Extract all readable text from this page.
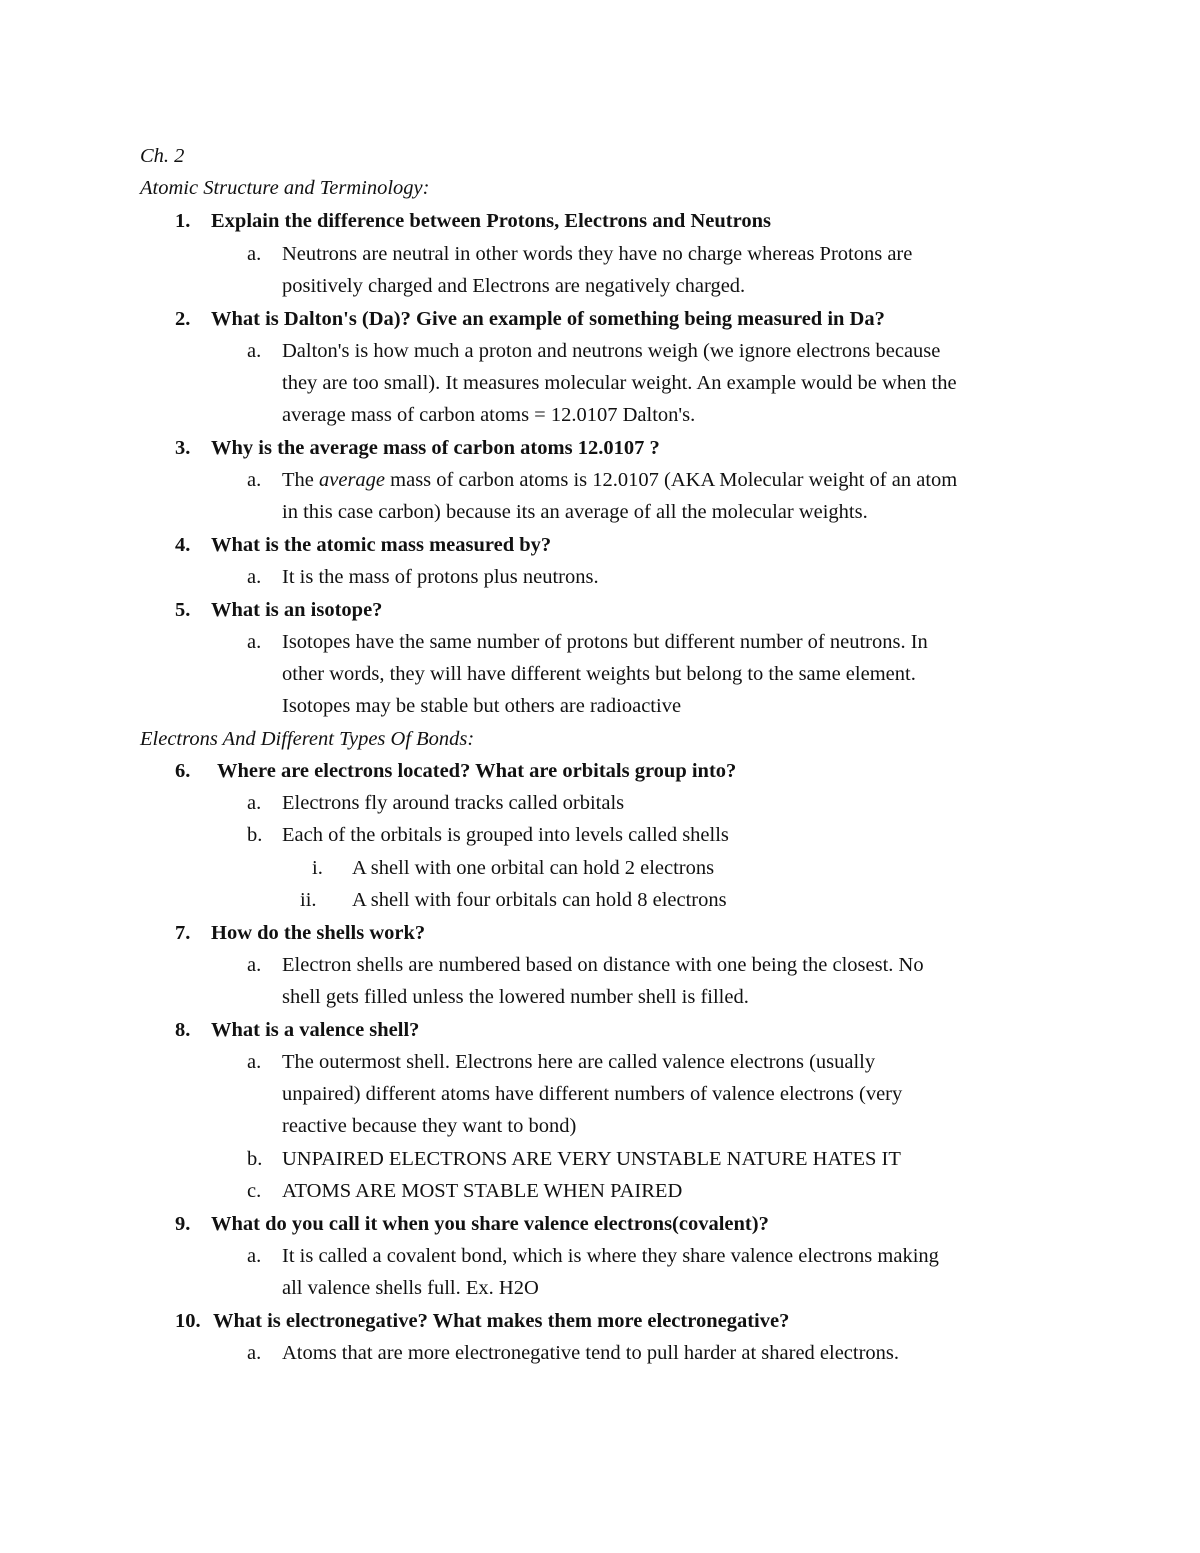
Ch. 2
Atomic Structure and Terminology:
1. Explain the difference between Protons, Electrons and Neutrons
a. Neutrons are neutral in other words they have no charge whereas Protons are
positively charged and Electrons are negatively charged.
2. What is Dalton's (Da)? Give an example of something being measured in Da?
a. Dalton's is how much a proton and neutrons weigh (we ignore electrons because
they are too small). It measures molecular weight. An example would be when the
average mass of carbon atoms = 12.0107 Dalton's.
3. Why is the average mass of carbon atoms 12.0107 ?
a. The average mass of carbon atoms is 12.0107 (AKA Molecular weight of an atom
in this case carbon) because its an average of all the molecular weights.
4. What is the atomic mass measured by?
a. It is the mass of protons plus neutrons.
5. What is an isotope?
a. Isotopes have the same number of protons but different number of neutrons. In
other words, they will have different weights but belong to the same element.
Isotopes may be stable but others are radioactive
Electrons And Different Types Of Bonds:
6. Where are electrons located? What are orbitals group into?
a. Electrons fly around tracks called orbitals
b. Each of the orbitals is grouped into levels called shells
i. A shell with one orbital can hold 2 electrons
ii. A shell with four orbitals can hold 8 electrons
7. How do the shells work?
a. Electron shells are numbered based on distance with one being the closest. No
shell gets filled unless the lowered number shell is filled.
8. What is a valence shell?
a. The outermost shell. Electrons here are called valence electrons (usually
unpaired) different atoms have different numbers of valence electrons (very
reactive because they want to bond)
b. UNPAIRED ELECTRONS ARE VERY UNSTABLE NATURE HATES IT
c. ATOMS ARE MOST STABLE WHEN PAIRED
9. What do you call it when you share valence electrons(covalent)?
a. It is called a covalent bond, which is where they share valence electrons making
all valence shells full. Ex. H2O
10. What is electronegative? What makes them more electronegative?
a. Atoms that are more electronegative tend to pull harder at shared electrons.
